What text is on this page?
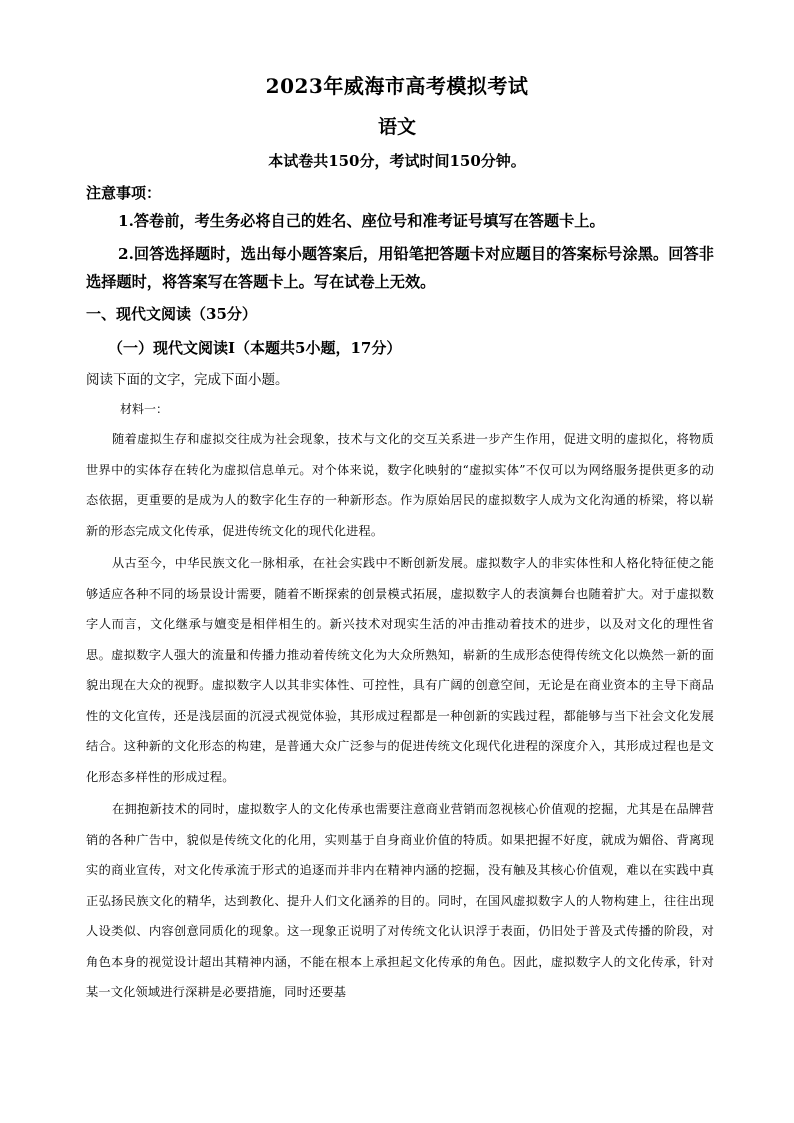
2023年威海市高考模拟考试
语文
本试卷共150分，考试时间150分钟。
注意事项：
1.答卷前，考生务必将自己的姓名、座位号和准考证号填写在答题卡上。
2.回答选择题时，选出每小题答案后，用铅笔把答题卡对应题目的答案标号涂黑。回答非选择题时，将答案写在答题卡上。写在试卷上无效。
一、现代文阅读（35分）
（一）现代文阅读Ⅰ（本题共5小题，17分）
阅读下面的文字，完成下面小题。
材料一：

随着虚拟生存和虚拟交往成为社会现象，技术与文化的交互关系进一步产生作用，促进文明的虚拟化，将物质世界中的实体存在转化为虚拟信息单元。对个体来说，数字化映射的“虚拟实体”不仅可以为网络服务提供更多的动态依据，更重要的是成为人的数字化生存的一种新形态。作为原始居民的虚拟数字人成为文化沟通的桥梁，将以崭新的形态完成文化传承，促进传统文化的现代化进程。

从古至今，中华民族文化一脉相承，在社会实践中不断创新发展。虚拟数字人的非实体性和人格化特征使之能够适应各种不同的场景设计需要，随着不断探索的创景模式拓展，虚拟数字人的表演舞台也随着扩大。对于虚拟数字人而言，文化继承与嬗变是相伴相生的。新兴技术对现实生活的冲击推动着技术的进步，以及对文化的理性省思。虚拟数字人强大的流量和传播力推动着传统文化为大众所熟知，崭新的生成形态使得传统文化以焕然一新的面貌出现在大众的视野。虚拟数字人以其非实体性、可控性，具有广阔的创意空间，无论是在商业资本的主导下商品性的文化宣传，还是浅层面的沉浸式视觉体验，其形成过程都是一种创新的实践过程，都能够与当下社会文化发展结合。这种新的文化形态的构建，是普通大众广泛参与的促进传统文化现代化进程的深度介入，其形成过程也是文化形态多样性的形成过程。

在拥抱新技术的同时，虚拟数字人的文化传承也需要注意商业营销而忽视核心价值观的挖掘，尤其是在品牌营销的各种广告中，貌似是传统文化的化用，实则基于自身商业价值的特质。如果把握不好度，就成为媚俗、背离现实的商业宣传，对文化传承流于形式的追逐而并非内在精神内涵的挖掘，没有触及其核心价值观，难以在实践中真正弘扬民族文化的精华，达到教化、提升人们文化涵养的目的。同时，在国风虚拟数字人的人物构建上，往往出现人设类似、内容创意同质化的现象。这一现象正说明了对传统文化认识浮于表面，仍旧处于普及式传播的阶段，对角色本身的视觉设计超出其精神内涵，不能在根本上承担起文化传承的角色。因此，虚拟数字人的文化传承，针对某一文化领域进行深耕是必要措施，同时还要基
